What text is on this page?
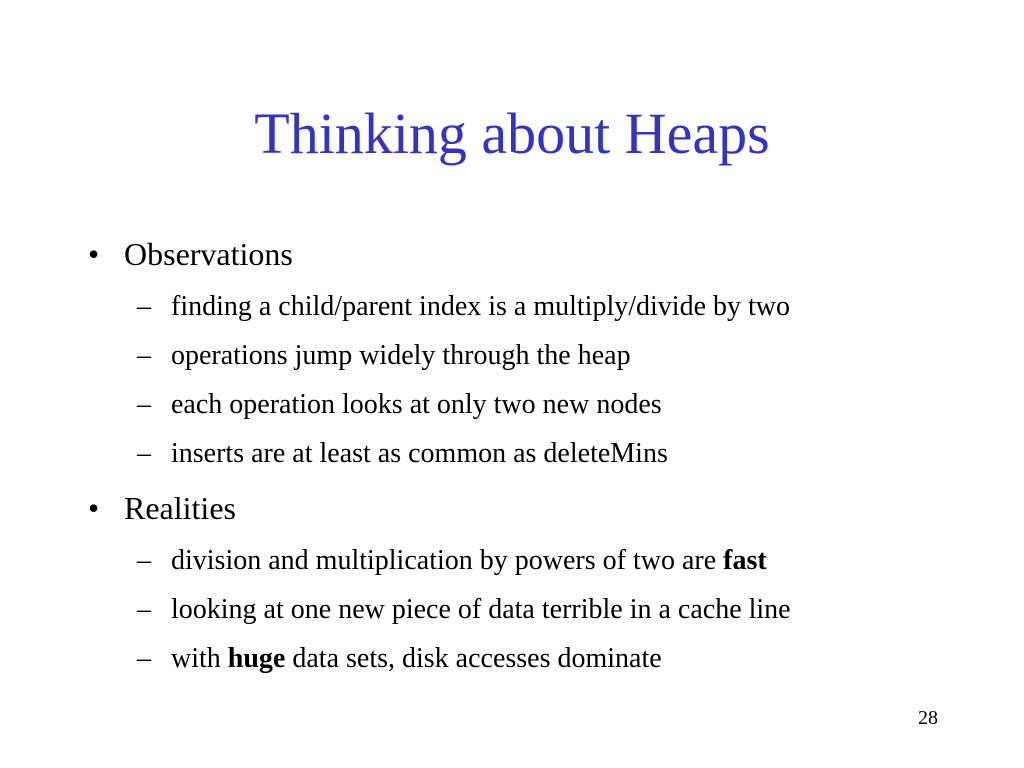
Thinking about Heaps
• Observations
– finding a child/parent index is a multiply/divide by two
– operations jump widely through the heap
– each operation looks at only two new nodes
– inserts are at least as common as deleteMins
• Realities
– division and multiplication by powers of two are fast
– looking at one new piece of data terrible in a cache line
– with huge data sets, disk accesses dominate
28
